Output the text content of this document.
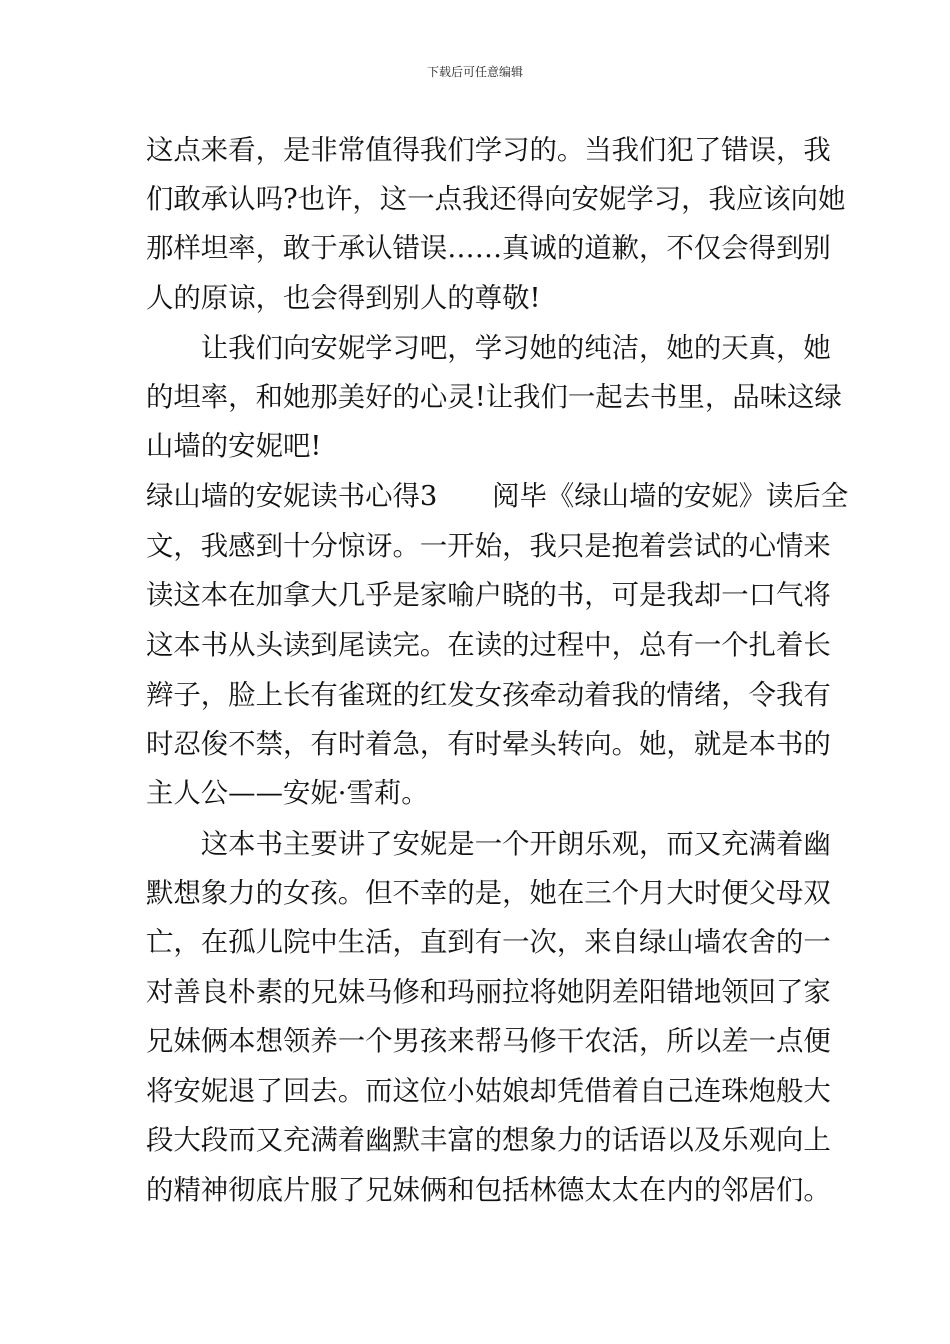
下载后可任意编辑
这点来看，是非常值得我们学习的。当我们犯了错误，我
们敢承认吗?也许，这一点我还得向安妮学习，我应该向她
那样坦率，敢于承认错误……真诚的道歉，不仅会得到别
人的原谅，也会得到别人的尊敬!
　　让我们向安妮学习吧，学习她的纯洁，她的天真，她
的坦率，和她那美好的心灵!让我们一起去书里，品味这绿
山墙的安妮吧!
绿山墙的安妮读书心得3　　阅毕《绿山墙的安妮》读后全
文，我感到十分惊讶。一开始，我只是抱着尝试的心情来
读这本在加拿大几乎是家喻户晓的书，可是我却一口气将
这本书从头读到尾读完。在读的过程中，总有一个扎着长
辫子，脸上长有雀斑的红发女孩牵动着我的情绪，令我有
时忍俊不禁，有时着急，有时晕头转向。她，就是本书的
主人公——安妮·雪莉。
　　这本书主要讲了安妮是一个开朗乐观，而又充满着幽
默想象力的女孩。但不幸的是，她在三个月大时便父母双
亡，在孤儿院中生活，直到有一次，来自绿山墙农舍的一
对善良朴素的兄妹马修和玛丽拉将她阴差阳错地领回了家
兄妹俩本想领养一个男孩来帮马修干农活，所以差一点便
将安妮退了回去。而这位小姑娘却凭借着自己连珠炮般大
段大段而又充满着幽默丰富的想象力的话语以及乐观向上
的精神彻底片服了兄妹俩和包括林德太太在内的邻居们。
